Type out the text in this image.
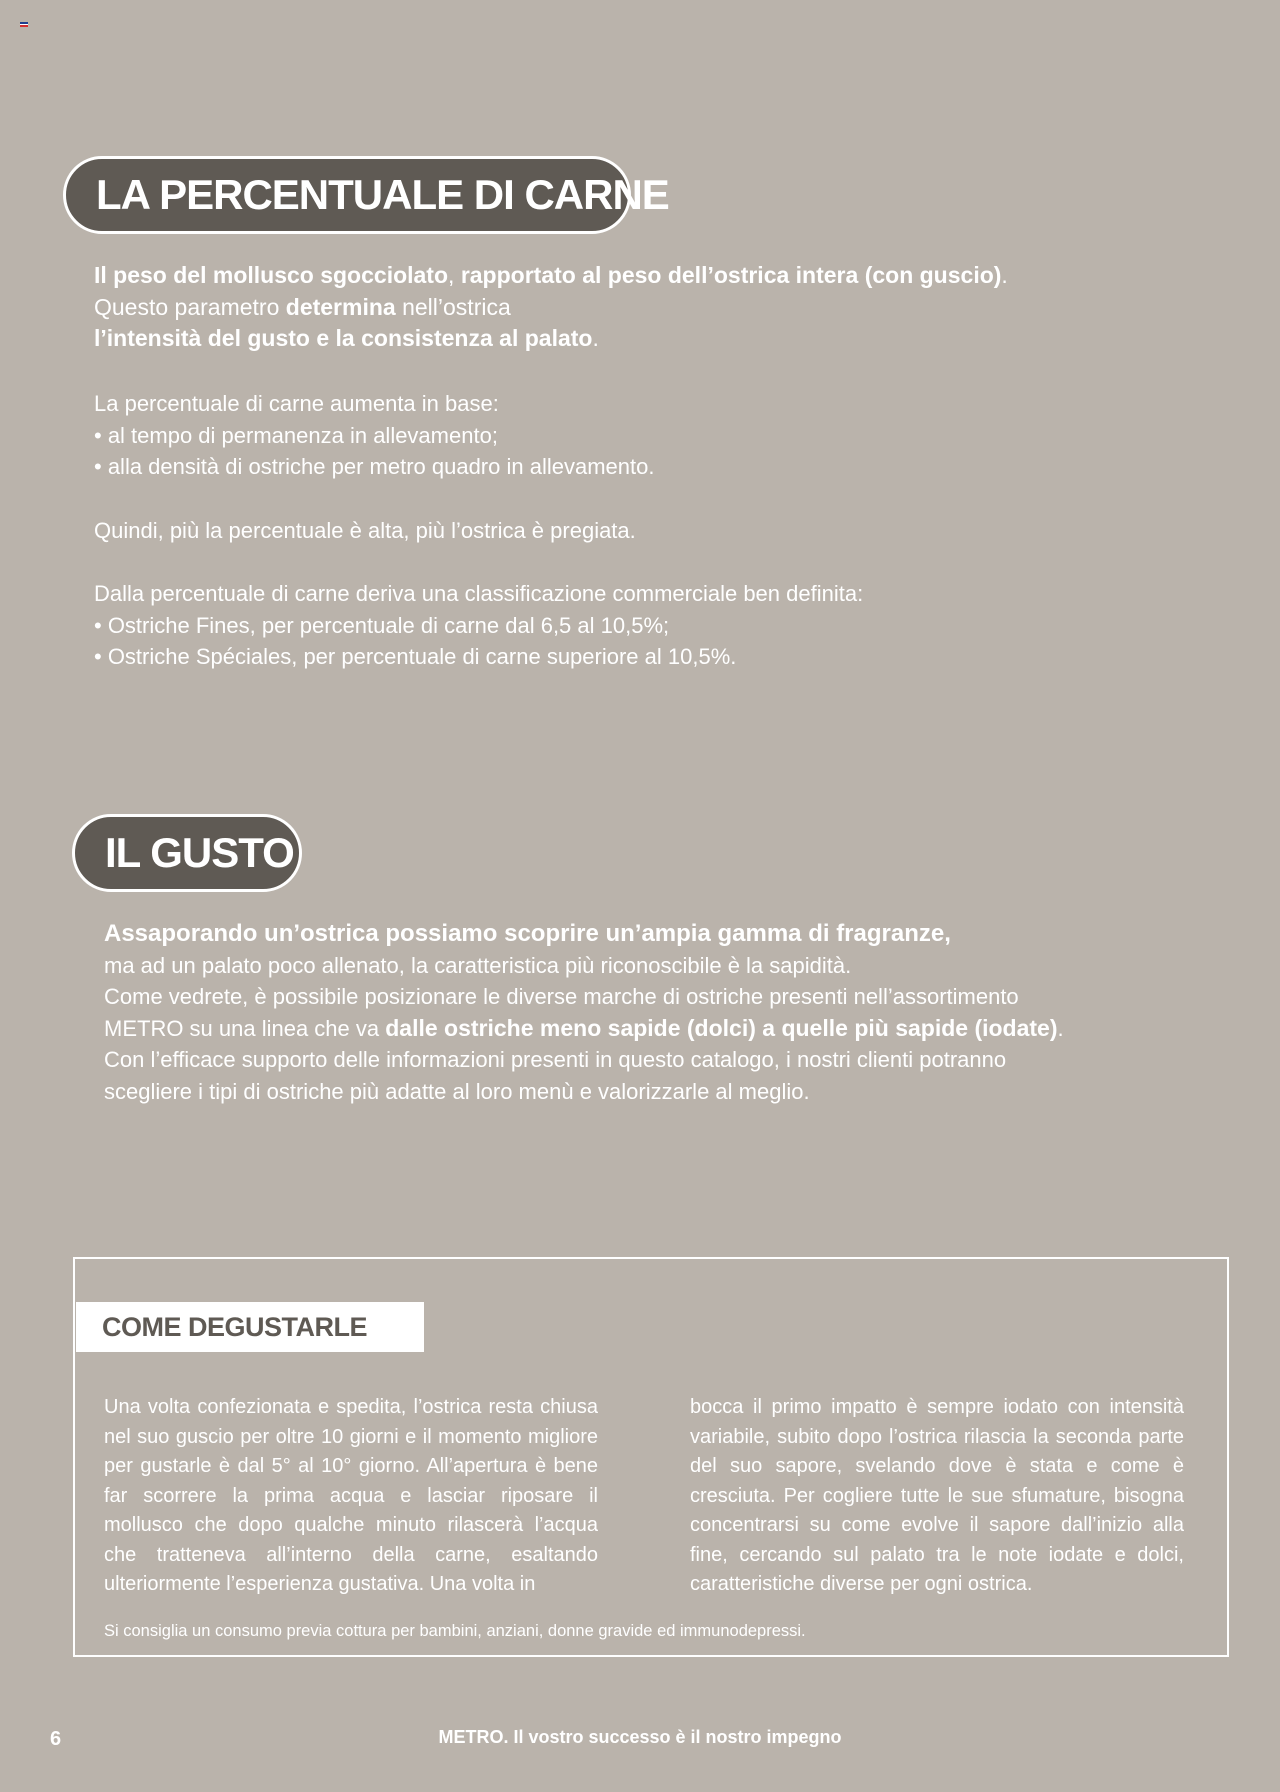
LA PERCENTUALE DI CARNE
Il peso del mollusco sgocciolato, rapportato al peso dell’ostrica intera (con guscio). Questo parametro determina nell’ostrica
l’intensità del gusto e la consistenza al palato.

La percentuale di carne aumenta in base:

• al tempo di permanenza in allevamento;

• alla densità di ostriche per metro quadro in allevamento.

Quindi, più la percentuale è alta, più l’ostrica è pregiata.

Dalla percentuale di carne deriva una classificazione commerciale ben definita:

• Ostriche Fines, per percentuale di carne dal 6,5 al 10,5%;

• Ostriche Spéciales, per percentuale di carne superiore al 10,5%.

IL GUSTO

Assaporando un’ostrica possiamo scoprire un’ampia gamma di fragranze,

ma ad un palato poco allenato, la caratteristica più riconoscibile è la sapidità.

Come vedrete, è possibile posizionare le diverse marche di ostriche presenti nell’assortimento

METRO su una linea che va dalle ostriche meno sapide (dolci) a quelle più sapide (iodate).

Con l’efficace supporto delle informazioni presenti in questo catalogo, i nostri clienti potranno

scegliere i tipi di ostriche più adatte al loro menù e valorizzarle al meglio.

COME DEGUSTARLE
Una volta confezionata e spedita, l’ostrica resta chiusa nel suo guscio per oltre 10 giorni e il momento migliore per gustarle è dal 5° al 10° giorno. All’apertura è bene far scorrere la prima acqua e lasciar riposare il mollusco che dopo qualche minuto rilascerà l’acqua che tratteneva all’interno della carne, esaltando ulteriormente l’esperienza gustativa. Una volta in
bocca il primo impatto è sempre iodato con intensità variabile, subito dopo l’ostrica rilascia la seconda parte del suo sapore, svelando dove è stata e come è cresciuta. Per cogliere tutte le sue sfumature, bisogna concentrarsi su come evolve il sapore dall’inizio alla fine, cercando sul palato tra le note iodate e dolci, caratteristiche diverse per ogni ostrica.
Si consiglia un consumo previa cottura per bambini, anziani, donne gravide ed immunodepressi.
6	METRO. Il vostro successo è il nostro impegno
